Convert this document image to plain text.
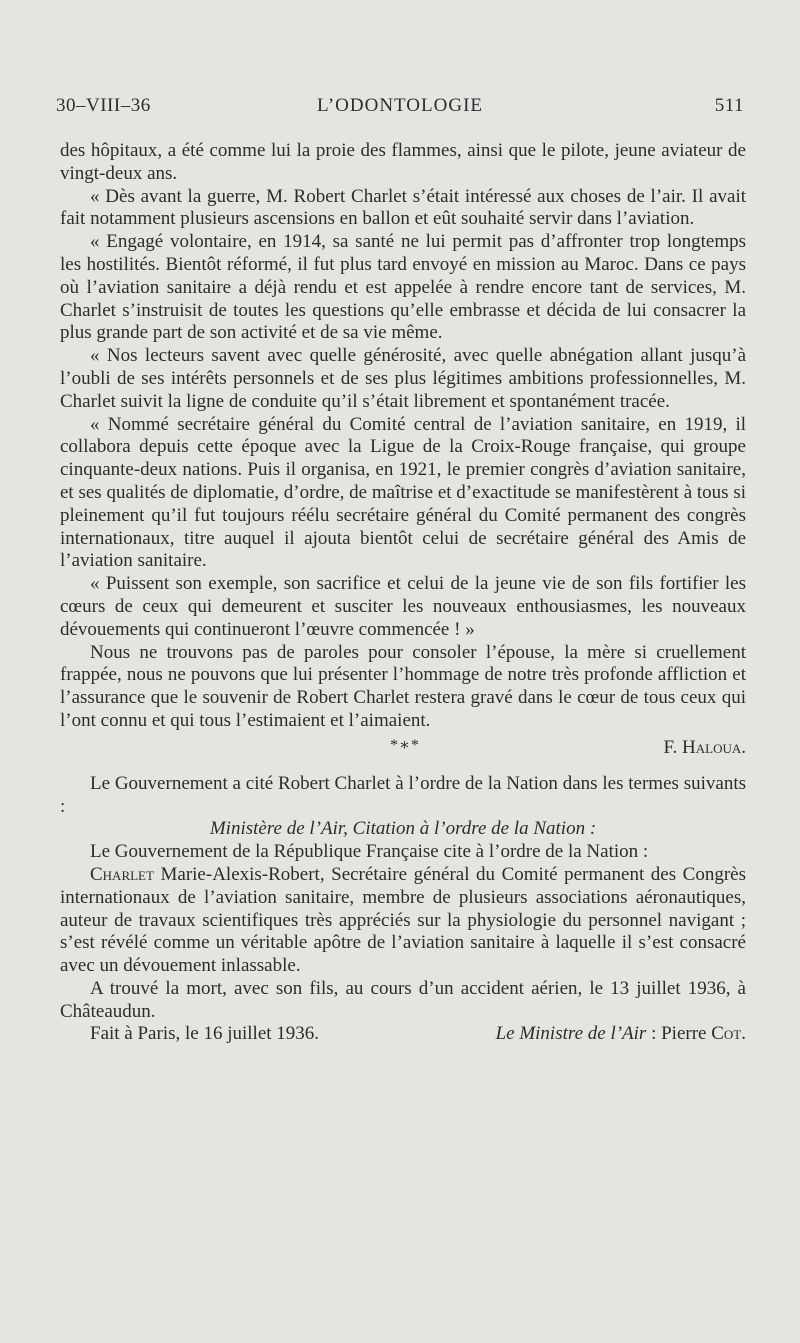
30–VIII–36	L’ODONTOLOGIE	511

des hôpitaux, a été comme lui la proie des flammes, ainsi que le pilote, jeune aviateur de vingt-deux ans.

« Dès avant la guerre, M. Robert Charlet s’était intéressé aux choses de l’air. Il avait fait notamment plusieurs ascensions en ballon et eût souhaité servir dans l’aviation.

« Engagé volontaire, en 1914, sa santé ne lui permit pas d’affronter trop longtemps les hostilités. Bientôt réformé, il fut plus tard envoyé en mission au Maroc. Dans ce pays où l’aviation sanitaire a déjà rendu et est appelée à rendre encore tant de services, M. Charlet s’instruisit de toutes les questions qu’elle embrasse et décida de lui consacrer la plus grande part de son activité et de sa vie même.

« Nos lecteurs savent avec quelle générosité, avec quelle abnégation allant jusqu’à l’oubli de ses intérêts personnels et de ses plus légitimes ambitions professionnelles, M. Charlet suivit la ligne de conduite qu’il s’était librement et spontanément tracée.

« Nommé secrétaire général du Comité central de l’aviation sanitaire, en 1919, il collabora depuis cette époque avec la Ligue de la Croix-Rouge française, qui groupe cinquante-deux nations. Puis il organisa, en 1921, le premier congrès d’aviation sanitaire, et ses qualités de diplomatie, d’ordre, de maîtrise et d’exactitude se manifestèrent à tous si pleinement qu’il fut toujours réélu secrétaire général du Comité permanent des congrès internationaux, titre auquel il ajouta bientôt celui de secrétaire général des Amis de l’aviation sanitaire.

« Puissent son exemple, son sacrifice et celui de la jeune vie de son fils fortifier les cœurs de ceux qui demeurent et susciter les nouveaux enthousiasmes, les nouveaux dévouements qui continueront l’œuvre commencée ! »

Nous ne trouvons pas de paroles pour consoler l’épouse, la mère si cruellement frappée, nous ne pouvons que lui présenter l’hommage de notre très profonde affliction et l’assurance que le souvenir de Robert Charlet restera gravé dans le cœur de tous ceux qui l’ont connu et qui tous l’estimaient et l’aimaient.

*∗*	F. Haloua.

Le Gouvernement a cité Robert Charlet à l’ordre de la Nation dans les termes suivants :

Ministère de l’Air, Citation à l’ordre de la Nation :

Le Gouvernement de la République Française cite à l’ordre de la Nation :

Charlet Marie-Alexis-Robert, Secrétaire général du Comité permanent des Congrès internationaux de l’aviation sanitaire, membre de plusieurs associations aéronautiques, auteur de travaux scientifiques très appréciés sur la physiologie du personnel navigant ; s’est révélé comme un véritable apôtre de l’aviation sanitaire à laquelle il s’est consacré avec un dévouement inlassable.

A trouvé la mort, avec son fils, au cours d’un accident aérien, le 13 juillet 1936, à Châteaudun.

Fait à Paris, le 16 juillet 1936.	Le Ministre de l’Air : Pierre Cot.
